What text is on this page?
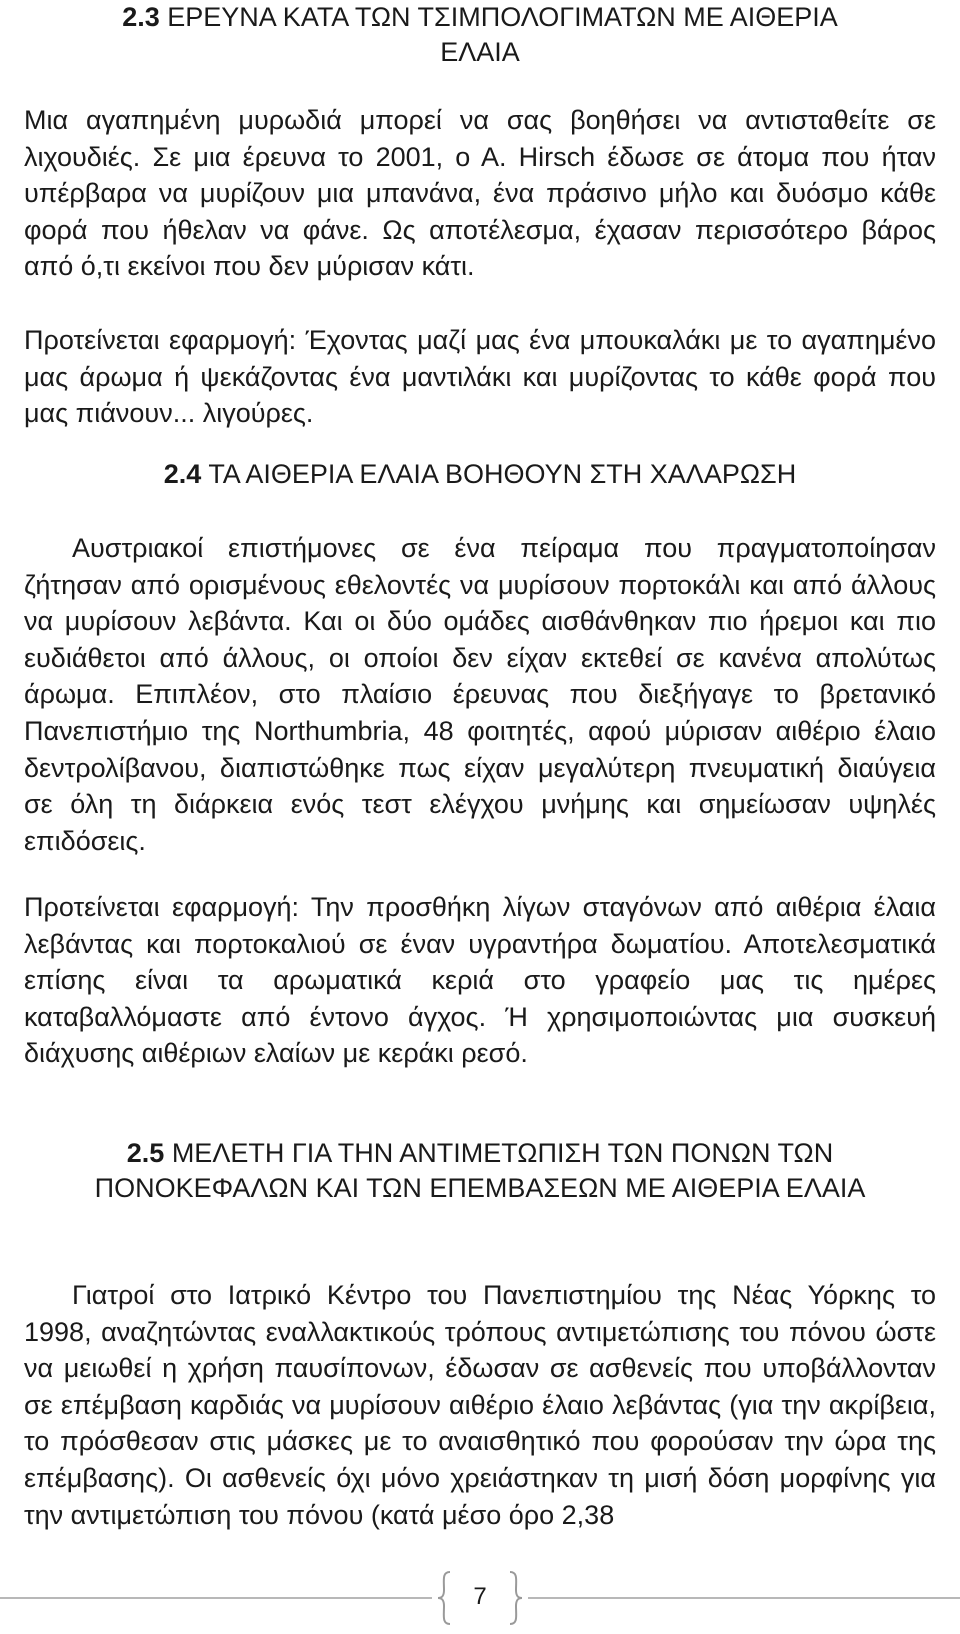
2.3 ΕΡΕΥΝΑ ΚΑΤΑ ΤΩΝ ΤΣΙΜΠΟΛΟΓΙΜΑΤΩΝ ΜΕ ΑΙΘΕΡΙΑ
ΕΛΑΙΑ

Μια αγαπημένη μυρωδιά μπορεί να σας βοηθήσει να αντισταθείτε σε λιχουδιές. Σε μια έρευνα το 2001, ο Α. Hirsch έδωσε σε άτομα που ήταν υπέρβαρα να μυρίζουν μια μπανάνα, ένα πράσινο μήλο και δυόσμο κάθε φορά που ήθελαν να φάνε. Ως αποτέλεσμα, έχασαν περισσότερο βάρος από ό,τι εκείνοι που δεν μύρισαν κάτι.

Προτείνεται εφαρμογή: Έχοντας μαζί μας ένα μπουκαλάκι με το αγαπημένο μας άρωμα ή ψεκάζοντας ένα μαντιλάκι και μυρίζοντας το κάθε φορά που μας πιάνουν... λιγούρες.

2.4 ΤΑ ΑΙΘΕΡΙΑ ΕΛΑΙΑ ΒΟΗΘΟΥΝ ΣΤΗ ΧΑΛΑΡΩΣΗ

Αυστριακοί επιστήμονες σε ένα πείραμα που πραγματοποίησαν ζήτησαν από ορισμένους εθελοντές να μυρίσουν πορτοκάλι και από άλλους να μυρίσουν λεβάντα. Και οι δύο ομάδες αισθάνθηκαν πιο ήρεμοι και πιο ευδιάθετοι από άλλους, οι οποίοι δεν είχαν εκτεθεί σε κανένα απολύτως άρωμα. Επιπλέον, στο πλαίσιο έρευνας που διεξήγαγε το βρετανικό Πανεπιστήμιο της Northumbria, 48 φοιτητές, αφού μύρισαν αιθέριο έλαιο δεντρολίβανου, διαπιστώθηκε πως είχαν μεγαλύτερη πνευματική διαύγεια σε όλη τη διάρκεια ενός τεστ ελέγχου μνήμης και σημείωσαν υψηλές επιδόσεις.

Προτείνεται εφαρμογή: Την προσθήκη λίγων σταγόνων από αιθέρια έλαια λεβάντας και πορτοκαλιού σε έναν υγραντήρα δωματίου. Αποτελεσματικά επίσης είναι τα αρωματικά κεριά στο γραφείο μας τις ημέρες καταβαλλόμαστε από έντονο άγχος. Ή χρησιμοποιώντας μια συσκευή διάχυσης αιθέριων ελαίων με κεράκι ρεσό.

2.5 ΜΕΛΕΤΗ ΓΙΑ ΤΗΝ ΑΝΤΙΜΕΤΩΠΙΣΗ ΤΩΝ ΠΟΝΩΝ ΤΩΝ
ΠΟΝΟΚΕΦΑΛΩΝ ΚΑΙ ΤΩΝ ΕΠΕΜΒΑΣΕΩΝ ΜΕ ΑΙΘΕΡΙΑ ΕΛΑΙΑ

Γιατροί στο Ιατρικό Κέντρο του Πανεπιστημίου της Νέας Υόρκης το 1998, αναζητώντας εναλλακτικούς τρόπους αντιμετώπισης του πόνου ώστε να μειωθεί η χρήση παυσίπονων, έδωσαν σε ασθενείς που υποβάλλονταν σε επέμβαση καρδιάς να μυρίσουν αιθέριο έλαιο λεβάντας (για την ακρίβεια, το πρόσθεσαν στις μάσκες με το αναισθητικό που φορούσαν την ώρα της επέμβασης). Οι ασθενείς όχι μόνο χρειάστηκαν τη μισή δόση μορφίνης για την αντιμετώπιση του πόνου (κατά μέσο όρο 2,38

7
